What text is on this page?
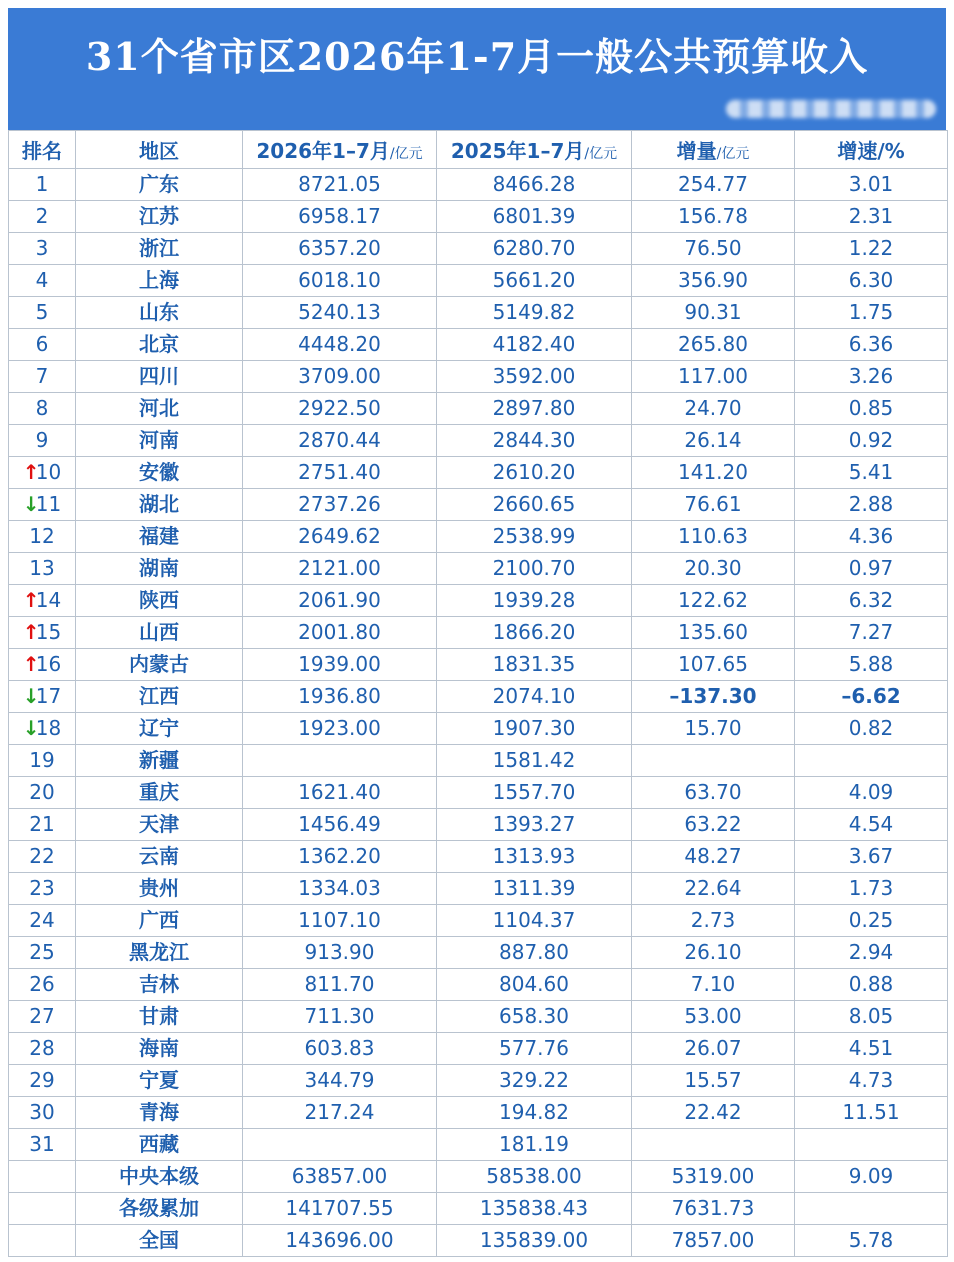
31个省市区2026年1-7月一般公共预算收入
排名	地区	2026年1–7月/亿元	2025年1–7月/亿元	增量/亿元	增速/%
1	广东	8721.05	8466.28	254.77	3.01
2	江苏	6958.17	6801.39	156.78	2.31
3	浙江	6357.20	6280.70	76.50	1.22
4	上海	6018.10	5661.20	356.90	6.30
5	山东	5240.13	5149.82	90.31	1.75
6	北京	4448.20	4182.40	265.80	6.36
7	四川	3709.00	3592.00	117.00	3.26
8	河北	2922.50	2897.80	24.70	0.85
9	河南	2870.44	2844.30	26.14	0.92
↑10	安徽	2751.40	2610.20	141.20	5.41
↓11	湖北	2737.26	2660.65	76.61	2.88
12	福建	2649.62	2538.99	110.63	4.36
13	湖南	2121.00	2100.70	20.30	0.97
↑14	陕西	2061.90	1939.28	122.62	6.32
↑15	山西	2001.80	1866.20	135.60	7.27
↑16	内蒙古	1939.00	1831.35	107.65	5.88
↓17	江西	1936.80	2074.10	–137.30	–6.62
↓18	辽宁	1923.00	1907.30	15.70	0.82
19	新疆		1581.42		
20	重庆	1621.40	1557.70	63.70	4.09
21	天津	1456.49	1393.27	63.22	4.54
22	云南	1362.20	1313.93	48.27	3.67
23	贵州	1334.03	1311.39	22.64	1.73
24	广西	1107.10	1104.37	2.73	0.25
25	黑龙江	913.90	887.80	26.10	2.94
26	吉林	811.70	804.60	7.10	0.88
27	甘肃	711.30	658.30	53.00	8.05
28	海南	603.83	577.76	26.07	4.51
29	宁夏	344.79	329.22	15.57	4.73
30	青海	217.24	194.82	22.42	11.51
31	西藏		181.19		
	中央本级	63857.00	58538.00	5319.00	9.09
	各级累加	141707.55	135838.43	7631.73	
	全国	143696.00	135839.00	7857.00	5.78
